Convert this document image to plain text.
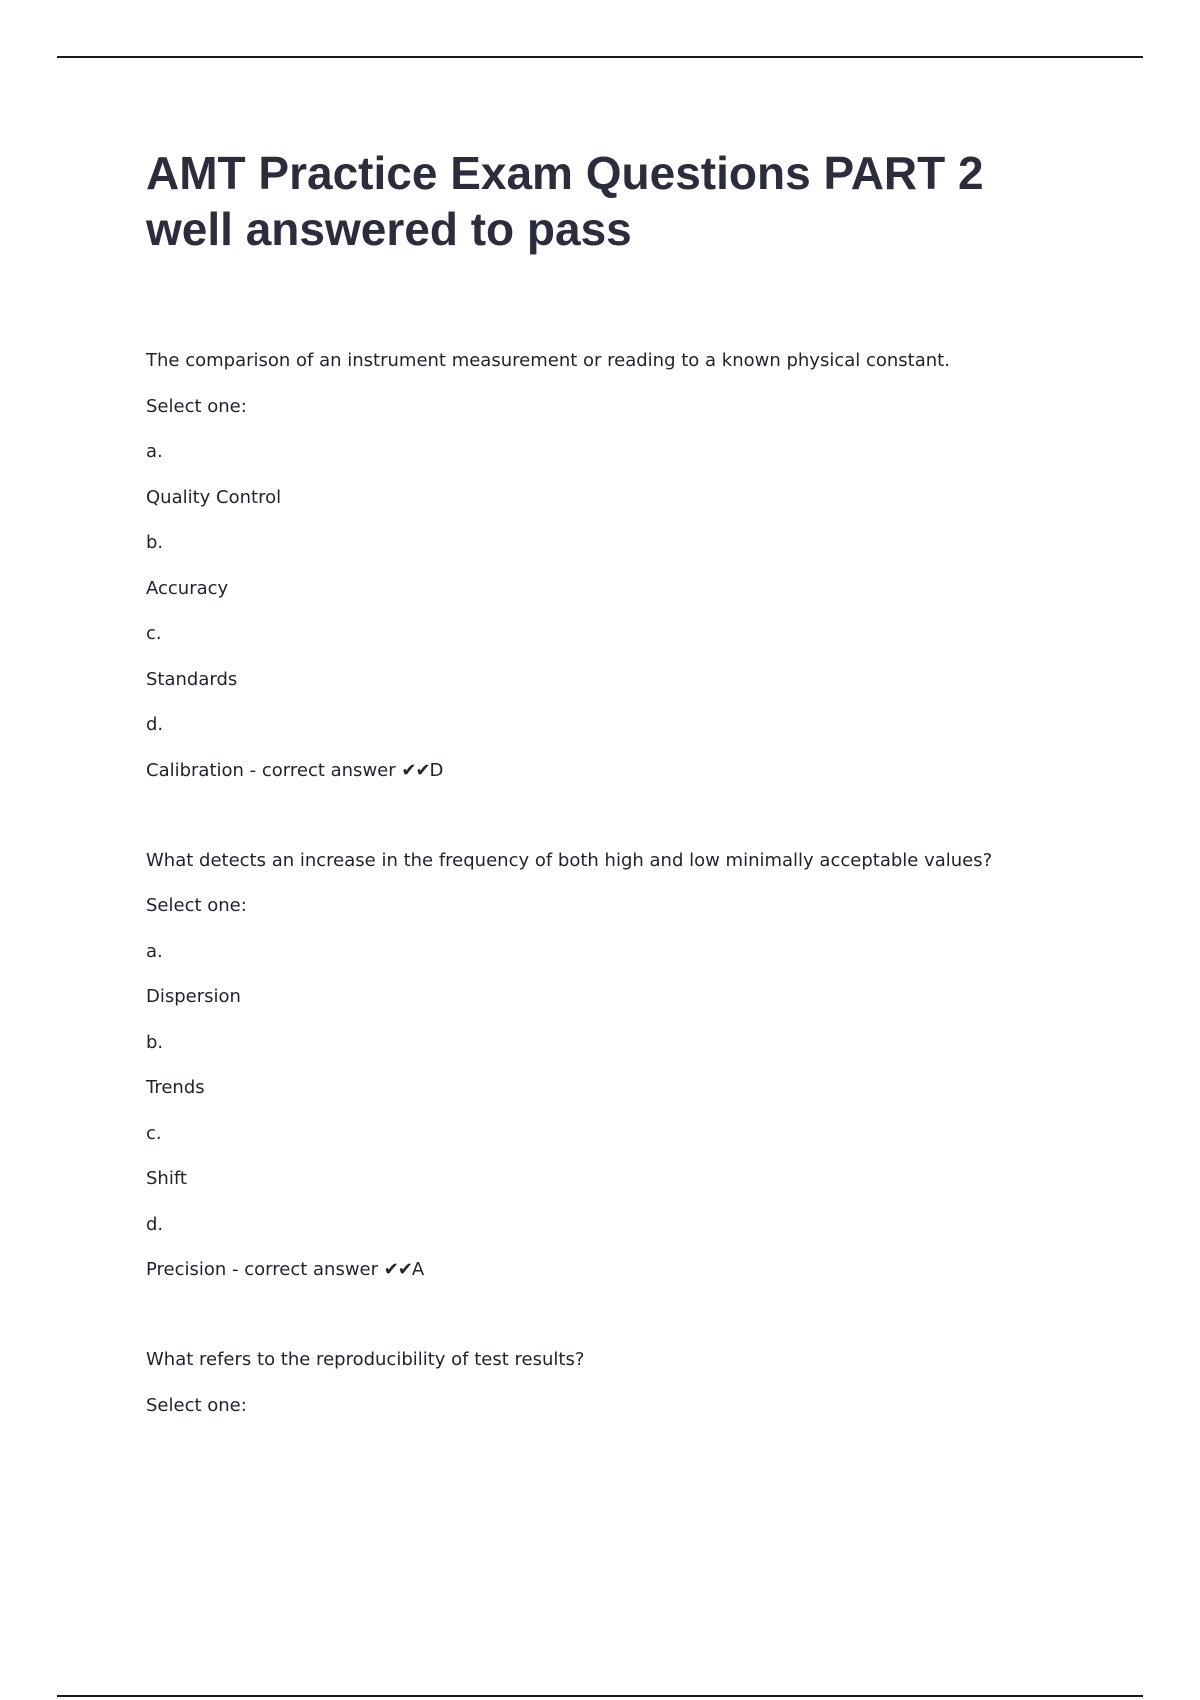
AMT Practice Exam Questions PART 2
well answered to pass
The comparison of an instrument measurement or reading to a known physical constant.
Select one:
a.
Quality Control
b.
Accuracy
c.
Standards
d.
Calibration - correct answer ✔✔D
What detects an increase in the frequency of both high and low minimally acceptable values?
Select one:
a.
Dispersion
b.
Trends
c.
Shift
d.
Precision - correct answer ✔✔A
What refers to the reproducibility of test results?
Select one:
